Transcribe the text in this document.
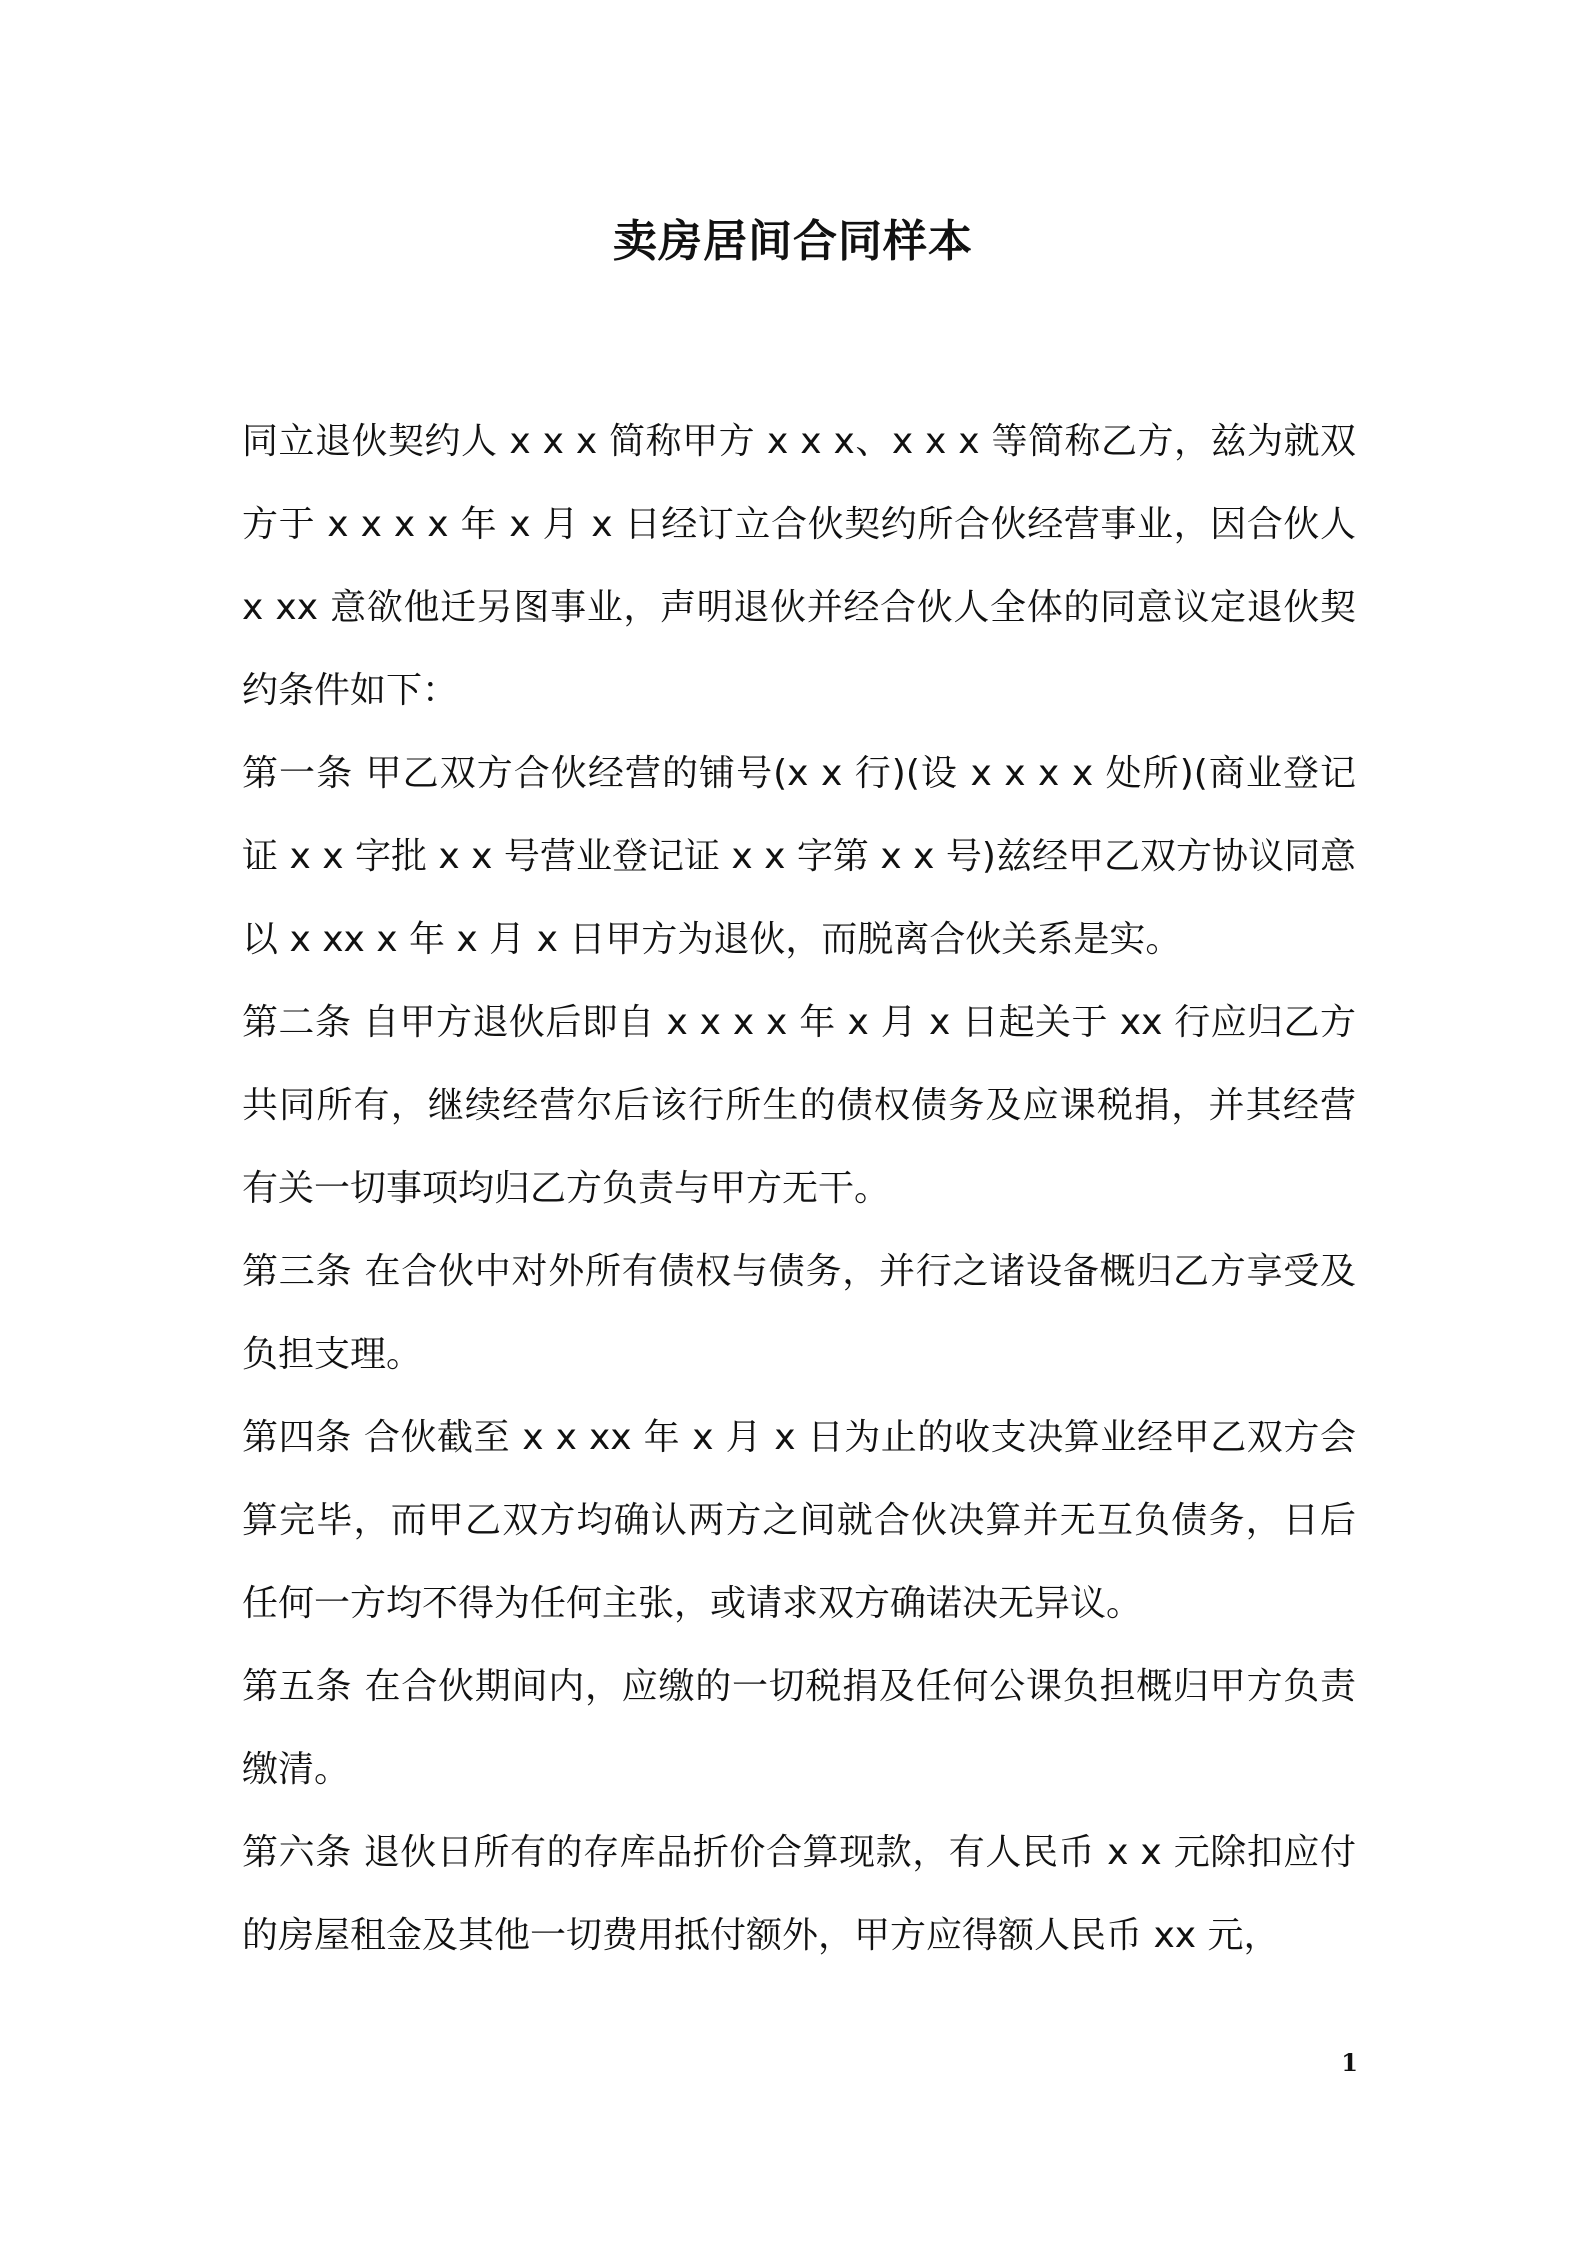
卖房居间合同样本

同立退伙契约人 x x x 简称甲方 x x x、x x x 等简称乙方，兹为就双方于 x x x x 年 x 月 x 日经订立合伙契约所合伙经营事业，因合伙人 x xx 意欲他迁另图事业，声明退伙并经合伙人全体的同意议定退伙契约条件如下：

第一条 甲乙双方合伙经营的铺号(x x 行)(设 x x x x 处所)(商业登记证 x x 字批 x x 号营业登记证 x x 字第 x x 号)兹经甲乙双方协议同意以 x xx x 年 x 月 x 日甲方为退伙，而脱离合伙关系是实。

第二条 自甲方退伙后即自 x x x x 年 x 月 x 日起关于 xx 行应归乙方共同所有，继续经营尔后该行所生的债权债务及应课税捐，并其经营有关一切事项均归乙方负责与甲方无干。

第三条 在合伙中对外所有债权与债务，并行之诸设备概归乙方享受及负担支理。

第四条 合伙截至 x x xx 年 x 月 x 日为止的收支决算业经甲乙双方会算完毕，而甲乙双方均确认两方之间就合伙决算并无互负债务，日后任何一方均不得为任何主张，或请求双方确诺决无异议。

第五条 在合伙期间内，应缴的一切税捐及任何公课负担概归甲方负责缴清。

第六条 退伙日所有的存库品折价合算现款，有人民币 x x 元除扣应付的房屋租金及其他一切费用抵付额外，甲方应得额人民币 xx 元，

1
